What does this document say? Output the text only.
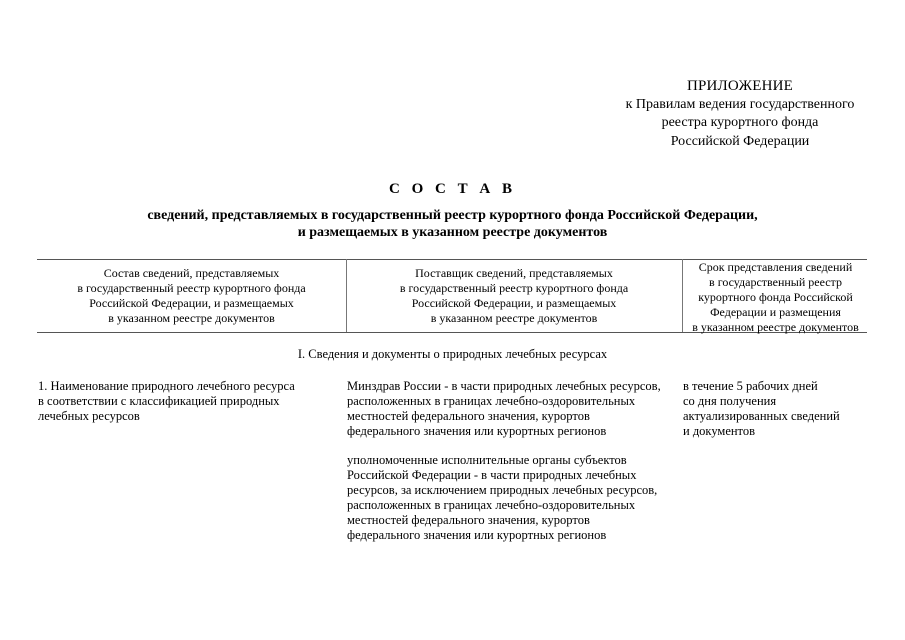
ПРИЛОЖЕНИЕ
к Правилам ведения государственного
реестра курортного фонда
Российской Федерации
С О С Т А В
сведений, представляемых в государственный реестр курортного фонда Российской Федерации,
и размещаемых в указанном реестре документов
Состав сведений, представляемых
в государственный реестр курортного фонда
Российской Федерации, и размещаемых
в указанном реестре документов
Поставщик сведений, представляемых
в государственный реестр курортного фонда
Российской Федерации, и размещаемых
в указанном реестре документов
Срок представления сведений
в государственный реестр
курортного фонда Российской
Федерации и размещения
в указанном реестре документов
I. Сведения и документы о природных лечебных ресурсах
1. Наименование природного лечебного ресурса
в соответствии с классификацией природных
лечебных ресурсов
Минздрав России - в части природных лечебных ресурсов,
расположенных в границах лечебно-оздоровительных
местностей федерального значения, курортов
федерального значения или курортных регионов
уполномоченные исполнительные органы субъектов
Российской Федерации - в части природных лечебных
ресурсов, за исключением природных лечебных ресурсов,
расположенных в границах лечебно-оздоровительных
местностей федерального значения, курортов
федерального значения или курортных регионов
в течение 5 рабочих дней
со дня получения
актуализированных сведений
и документов
